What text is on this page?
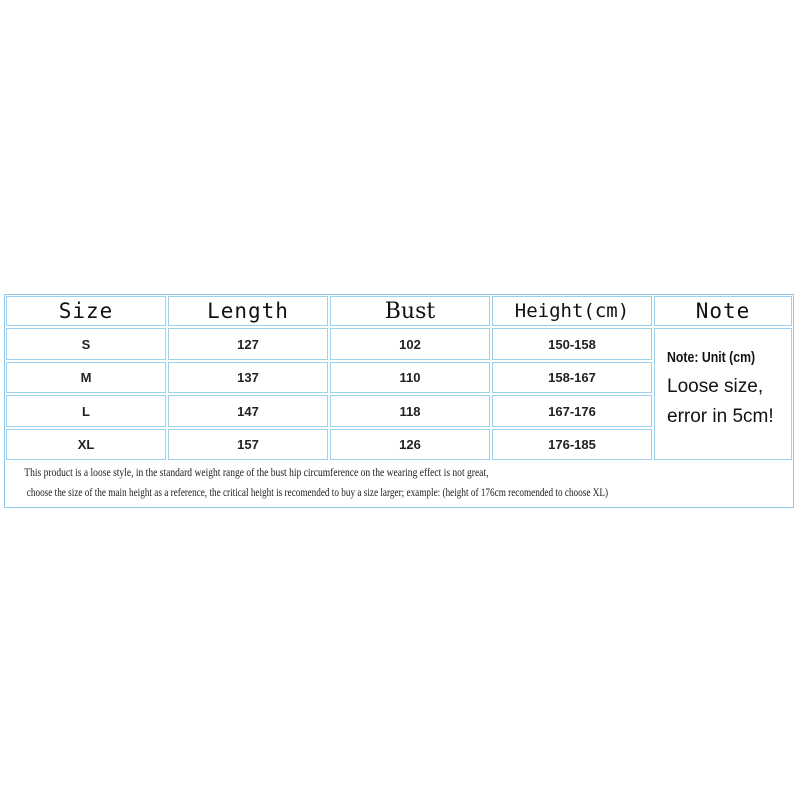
Size	Length	Bust	Height(cm)	Note
S	127	102	150-158
M	137	110	158-167
L	147	118	167-176
XL	157	126	176-185
Note: Unit (cm)
Loose size,
error in 5cm!
This product is a loose style, in the standard weight range of the bust hip circumference on the wearing effect is not great,
choose the size of the main height as a reference, the critical height is recomended to buy a size larger; example: (height of 176cm recomended to choose XL)
